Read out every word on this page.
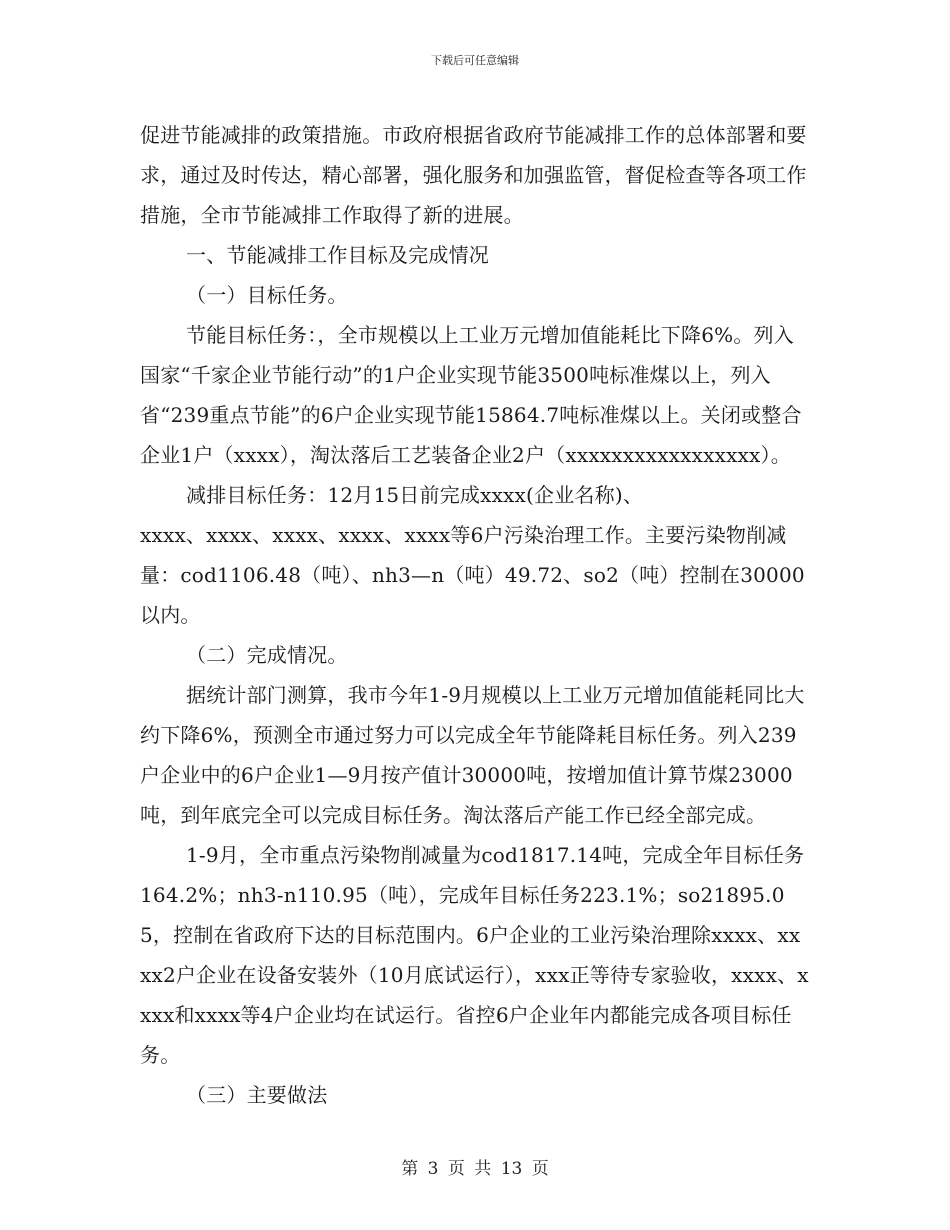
下载后可任意编辑

促进节能减排的政策措施。市政府根据省政府节能减排工作的总体部署和要求，通过及时传达，精心部署，强化服务和加强监管，督促检查等各项工作措施，全市节能减排工作取得了新的进展。

一、节能减排工作目标及完成情况

（一）目标任务。

节能目标任务：，全市规模以上工业万元增加值能耗比下降6%。列入国家“千家企业节能行动”的1户企业实现节能3500吨标准煤以上，列入省“239重点节能”的6户企业实现节能15864.7吨标准煤以上。关闭或整合企业1户（xxxx），淘汰落后工艺装备企业2户（xxxxxxxxxxxxxxxxx）。

减排目标任务：12月15日前完成xxxx(企业名称)、

xxxx、xxxx、xxxx、xxxx、xxxx等6户污染治理工作。主要污染物削减量：cod1106.48（吨）、nh3—n（吨）49.72、so2（吨）控制在30000以内。

（二）完成情况。

据统计部门测算，我市今年1-9月规模以上工业万元增加值能耗同比大约下降6%，预测全市通过努力可以完成全年节能降耗目标任务。列入239户企业中的6户企业1—9月按产值计30000吨，按增加值计算节煤23000吨，到年底完全可以完成目标任务。淘汰落后产能工作已经全部完成。

1-9月，全市重点污染物削减量为cod1817.14吨，完成全年目标任务164.2%；nh3-n110.95（吨），完成年目标任务223.1%；so21895.05，控制在省政府下达的目标范围内。6户企业的工业污染治理除xxxx、xxxx2户企业在设备安装外（10月底试运行），xxx正等待专家验收，xxxx、xxxx和xxxx等4户企业均在试运行。省控6户企业年内都能完成各项目标任务。

（三）主要做法

第 3 页 共 13 页
